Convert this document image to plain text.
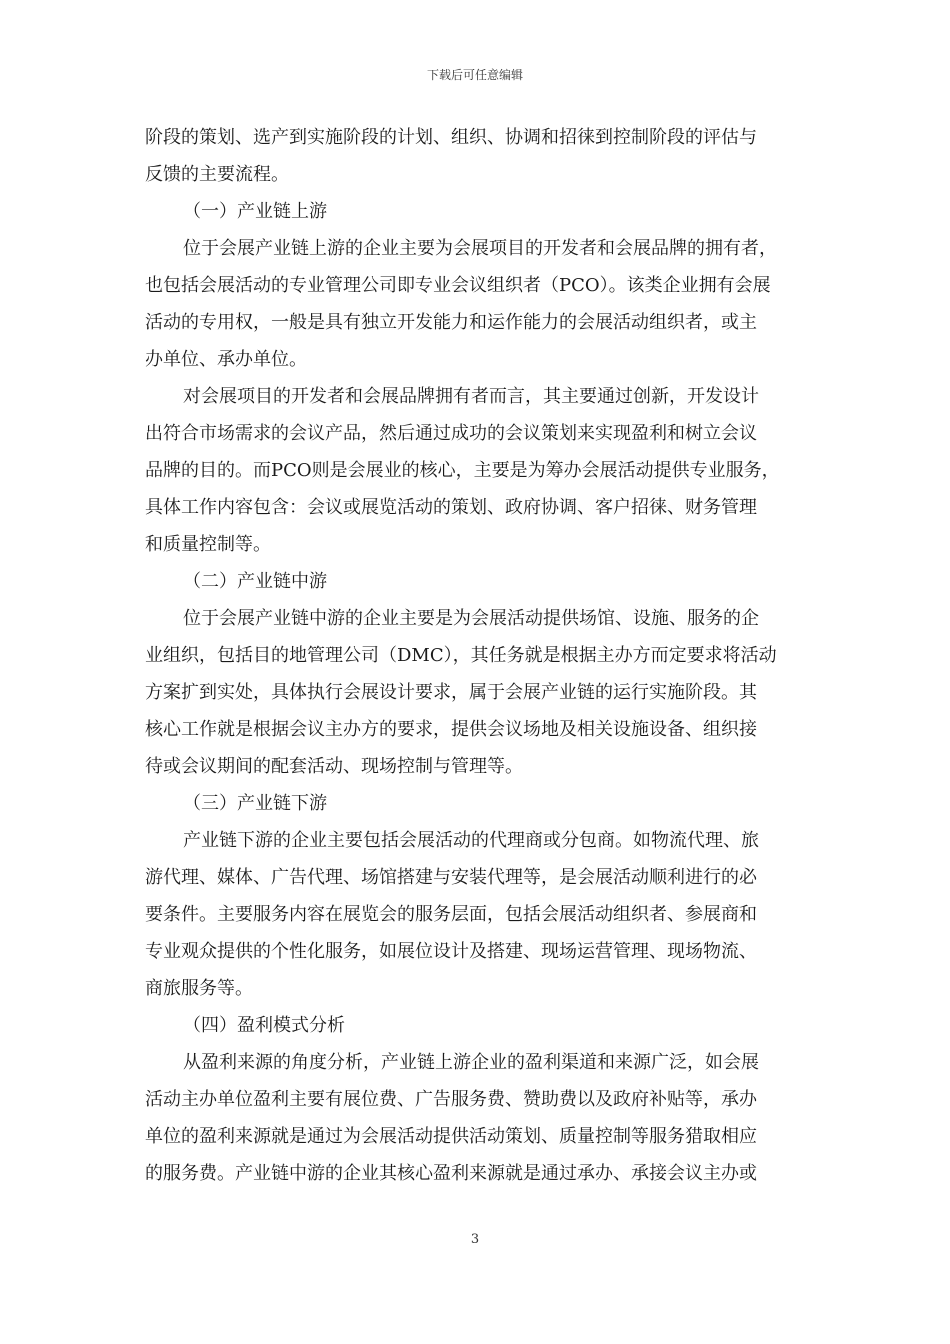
下载后可任意编辑
阶段的策划、选产到实施阶段的计划、组织、协调和招徕到控制阶段的评估与
反馈的主要流程。
（一）产业链上游
位于会展产业链上游的企业主要为会展项目的开发者和会展品牌的拥有者，
也包括会展活动的专业管理公司即专业会议组织者（PCO）。该类企业拥有会展
活动的专用权，一般是具有独立开发能力和运作能力的会展活动组织者，或主
办单位、承办单位。
对会展项目的开发者和会展品牌拥有者而言，其主要通过创新，开发设计
出符合市场需求的会议产品，然后通过成功的会议策划来实现盈利和树立会议
品牌的目的。而PCO则是会展业的核心，主要是为筹办会展活动提供专业服务，
具体工作内容包含：会议或展览活动的策划、政府协调、客户招徕、财务管理
和质量控制等。
（二）产业链中游
位于会展产业链中游的企业主要是为会展活动提供场馆、设施、服务的企
业组织，包括目的地管理公司（DMC），其任务就是根据主办方而定要求将活动
方案扩到实处，具体执行会展设计要求，属于会展产业链的运行实施阶段。其
核心工作就是根据会议主办方的要求，提供会议场地及相关设施设备、组织接
待或会议期间的配套活动、现场控制与管理等。
（三）产业链下游
产业链下游的企业主要包括会展活动的代理商或分包商。如物流代理、旅
游代理、媒体、广告代理、场馆搭建与安装代理等，是会展活动顺利进行的必
要条件。主要服务内容在展览会的服务层面，包括会展活动组织者、参展商和
专业观众提供的个性化服务，如展位设计及搭建、现场运营管理、现场物流、
商旅服务等。
（四）盈利模式分析
从盈利来源的角度分析，产业链上游企业的盈利渠道和来源广泛，如会展
活动主办单位盈利主要有展位费、广告服务费、赞助费以及政府补贴等，承办
单位的盈利来源就是通过为会展活动提供活动策划、质量控制等服务猎取相应
的服务费。产业链中游的企业其核心盈利来源就是通过承办、承接会议主办或
3
